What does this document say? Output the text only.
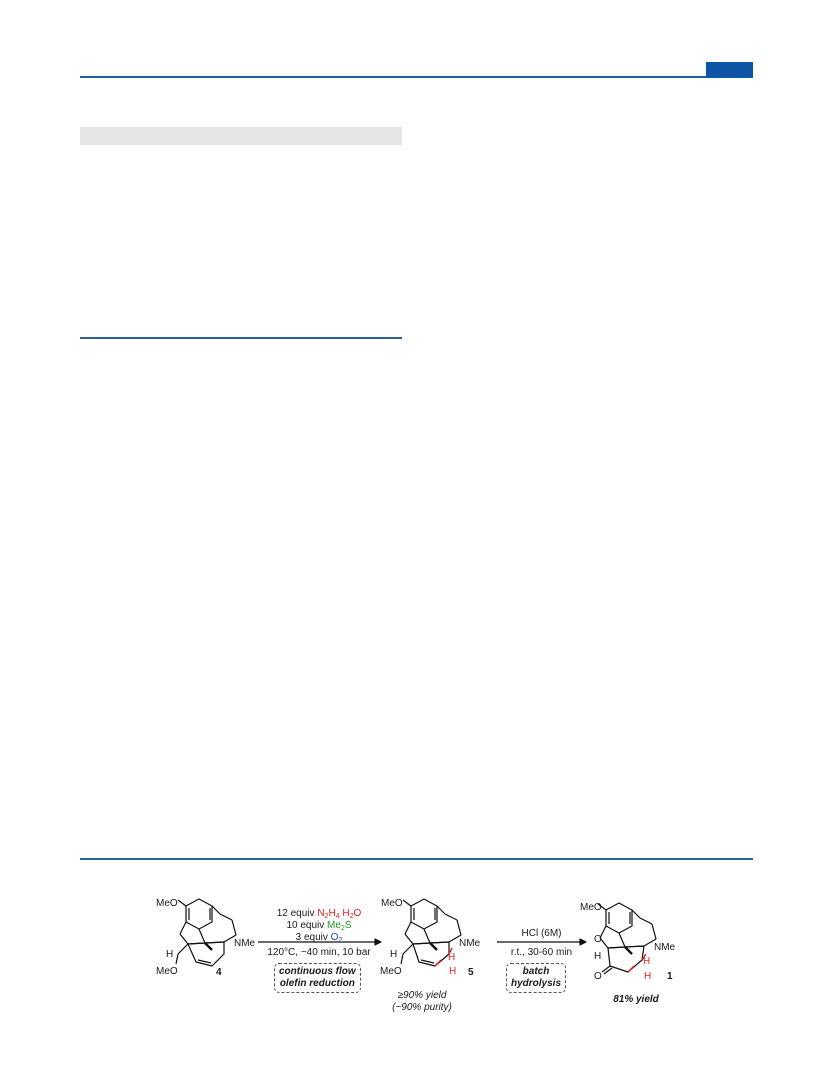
MeO
H
MeO
NMe
4
MeO
H
MeO
NMe
H
H 5
MeO
O
H
O
NMe
H
H 1
12 equiv $N_2H_4$ $H_2O$
10 equiv $Me_2S$
3 equiv $O_2$
120°C, ~40 min, 10 bar
continuous flow
olefin reduction
HCl (6M)
r.t., 30-60 min
batch
hydrolysis
≥90% yield
(~90% purity)
81% yield
